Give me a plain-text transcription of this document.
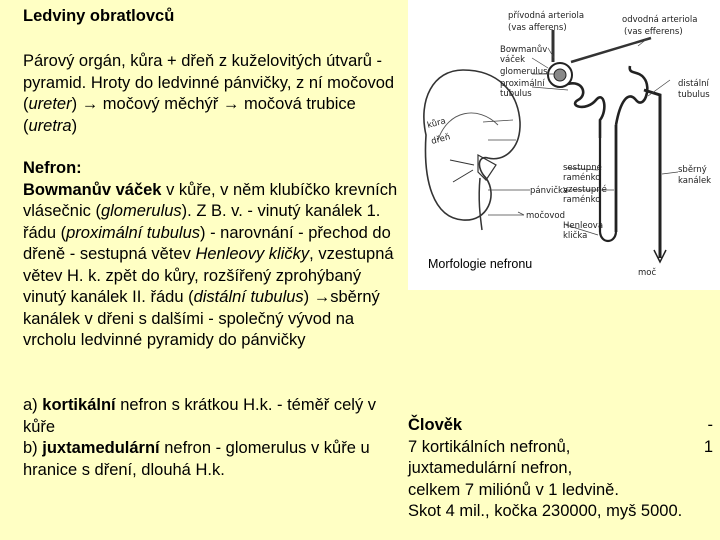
Ledviny obratlovců
Párový orgán, kůra + dřeň z kuželovitých útvarů - pyramid. Hroty do ledvinné pánvičky, z ní močovod (ureter) → močový měchýř → močová trubice (uretra)
Nefron:
Bowmanův váček v kůře, v něm klubíčko krevních vlásečnic (glomerulus). Z B. v. - vinutý kanálek 1. řádu (proximální tubulus) - narovnání - přechod do dřeně - sestupná větev Henleovy kličky, vzestupná větev H. k. zpět do kůry, rozšířený zprohýbaný vinutý kanálek II. řádu (distální tubulus) →sběrný kanálek v dřeni s dalšími - společný vývod na vrcholu ledvinné pyramidy do pánvičky
a) kortikální nefron s krátkou H.k. - téměř celý v kůře
b) juxtamedulární nefron - glomerulus v kůře u hranice s dření, dlouhá H.k.
Člověk	-
7 kortikálních nefronů,	1
juxtamedulární nefron,
celkem 7 miliónů v 1 ledvině.
Skot 4 mil., kočka 230000, myš 5000.
přívodná arteriola
(vas afferens)
odvodná arteriola
(vas efferens)
Bowmanův
váček
glomerulus
proximální
tubulus
distální
tubulus
kůra
dřeň
pánvička
močovod
sestupné
raménko
vzestupné
raménko
Henleova
klička
sběrný
kanálek
moč
Morfologie nefronu
